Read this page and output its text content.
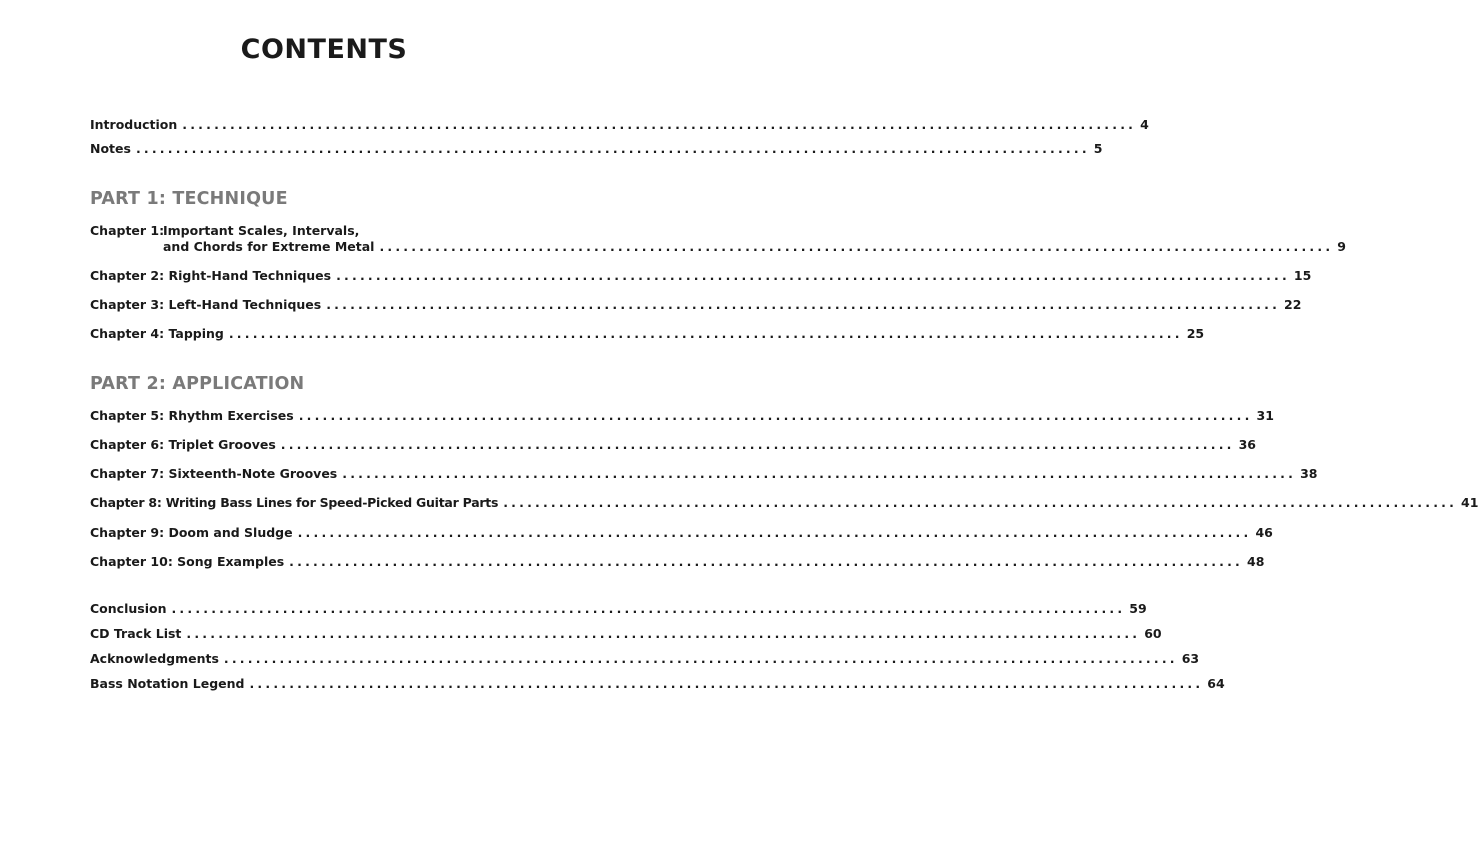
CONTENTS
Introduction ........................................................................................................................ 4
Notes ........................................................................................................................ 5
PART 1: TECHNIQUE
Chapter 1:Important Scales, Intervals,
and Chords for Extreme Metal ........................................................................................................................ 9
Chapter 2: Right-Hand Techniques ........................................................................................................................ 15
Chapter 3: Left-Hand Techniques ........................................................................................................................ 22
Chapter 4: Tapping ........................................................................................................................ 25
PART 2: APPLICATION
Chapter 5: Rhythm Exercises ........................................................................................................................ 31
Chapter 6: Triplet Grooves ........................................................................................................................ 36
Chapter 7: Sixteenth-Note Grooves ........................................................................................................................ 38
Chapter 8: Writing Bass Lines for Speed-Picked Guitar Parts ........................................................................................................................ 41
Chapter 9: Doom and Sludge ........................................................................................................................ 46
Chapter 10: Song Examples ........................................................................................................................ 48
Conclusion ........................................................................................................................ 59
CD Track List ........................................................................................................................ 60
Acknowledgments ........................................................................................................................ 63
Bass Notation Legend ........................................................................................................................ 64
